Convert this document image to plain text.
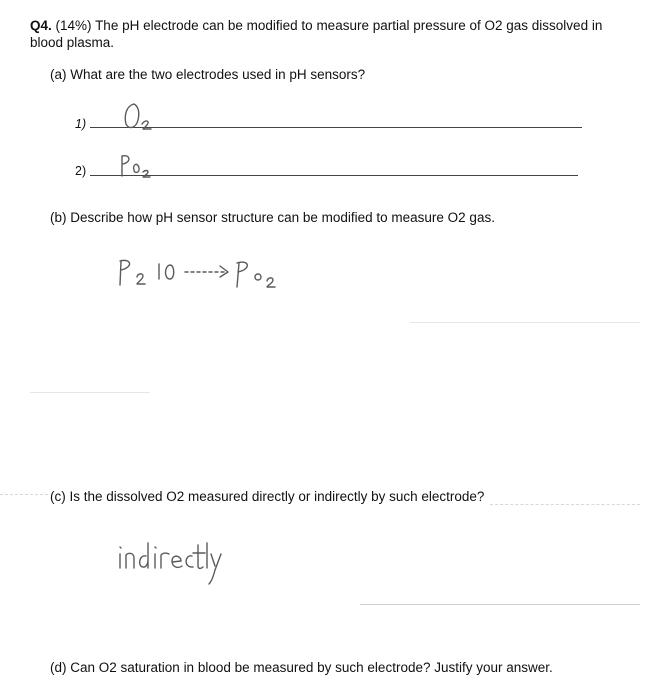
Q4. (14%) The pH electrode can be modified to measure partial pressure of O2 gas dissolved in blood plasma.
(a) What are the two electrodes used in pH sensors?
1)
2)
(b) Describe how pH sensor structure can be modified to measure O2 gas.
(c) Is the dissolved O2 measured directly or indirectly by such electrode?
(d) Can O2 saturation in blood be measured by such electrode? Justify your answer.
